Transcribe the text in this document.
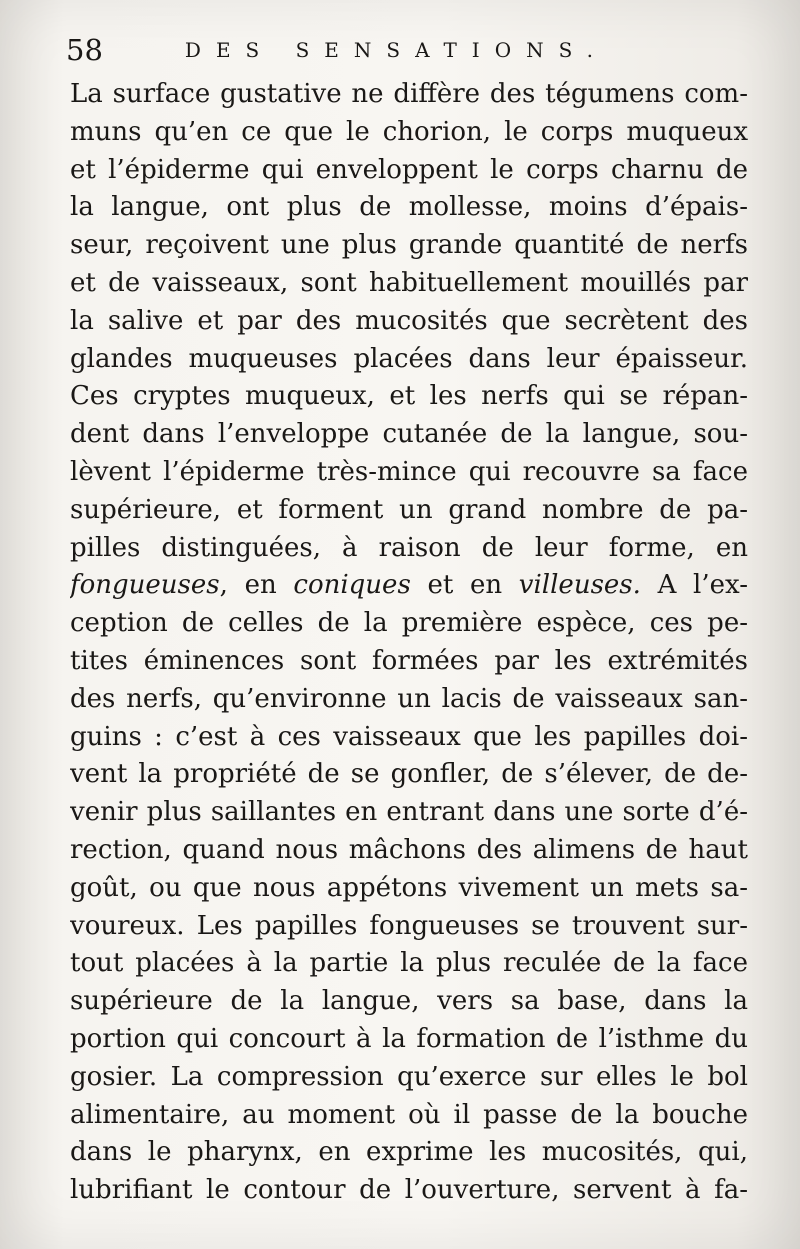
58	DES SENSATIONS.
La surface gustative ne diffère des tégumens com-
muns qu’en ce que le chorion, le corps muqueux
et l’épiderme qui enveloppent le corps charnu de
la langue, ont plus de mollesse, moins d’épais-
seur, reçoivent une plus grande quantité de nerfs
et de vaisseaux, sont habituellement mouillés par
la salive et par des mucosités que secrètent des
glandes muqueuses placées dans leur épaisseur.
Ces cryptes muqueux, et les nerfs qui se répan-
dent dans l’enveloppe cutanée de la langue, sou-
lèvent l’épiderme très-mince qui recouvre sa face
supérieure, et forment un grand nombre de pa-
pilles distinguées, à raison de leur forme, en
fongueuses, en coniques et en villeuses. A l’ex-
ception de celles de la première espèce, ces pe-
tites éminences sont formées par les extrémités
des nerfs, qu’environne un lacis de vaisseaux san-
guins : c’est à ces vaisseaux que les papilles doi-
vent la propriété de se gonfler, de s’élever, de de-
venir plus saillantes en entrant dans une sorte d’é-
rection, quand nous mâchons des alimens de haut
goût, ou que nous appétons vivement un mets sa-
voureux. Les papilles fongueuses se trouvent sur-
tout placées à la partie la plus reculée de la face
supérieure de la langue, vers sa base, dans la
portion qui concourt à la formation de l’isthme du
gosier. La compression qu’exerce sur elles le bol
alimentaire, au moment où il passe de la bouche
dans le pharynx, en exprime les mucosités, qui,
lubrifiant le contour de l’ouverture, servent à fa-
